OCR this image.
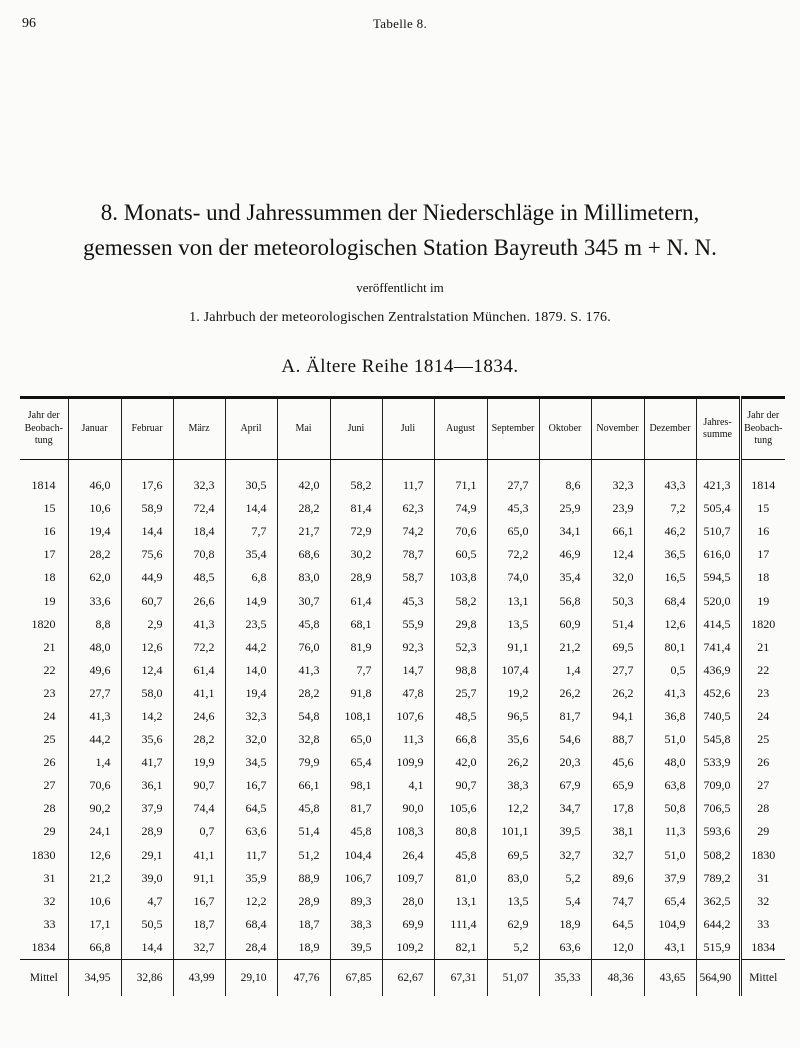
96	Tabelle 8.
8. Monats- und Jahressummen der Niederschläge in Millimetern,
gemessen von der meteorologischen Station Bayreuth 345 m + N. N.
veröffentlicht im
1. Jahrbuch der meteorologischen Zentralstation München. 1879. S. 176.
A. Ältere Reihe 1814—1834.
Jahr der Beobach-tung	Januar	Februar	März	April	Mai	Juni	Juli	August	September	Oktober	November	Dezember	Jahres-summe	Jahr der Beobach-tung

1814	46,0	17,6	32,3	30,5	42,0	58,2	11,7	71,1	27,7	8,6	32,3	43,3	421,3	1814
15	10,6	58,9	72,4	14,4	28,2	81,4	62,3	74,9	45,3	25,9	23,9	7,2	505,4	15
16	19,4	14,4	18,4	7,7	21,7	72,9	74,2	70,6	65,0	34,1	66,1	46,2	510,7	16
17	28,2	75,6	70,8	35,4	68,6	30,2	78,7	60,5	72,2	46,9	12,4	36,5	616,0	17
18	62,0	44,9	48,5	6,8	83,0	28,9	58,7	103,8	74,0	35,4	32,0	16,5	594,5	18
19	33,6	60,7	26,6	14,9	30,7	61,4	45,3	58,2	13,1	56,8	50,3	68,4	520,0	19
1820	8,8	2,9	41,3	23,5	45,8	68,1	55,9	29,8	13,5	60,9	51,4	12,6	414,5	1820
21	48,0	12,6	72,2	44,2	76,0	81,9	92,3	52,3	91,1	21,2	69,5	80,1	741,4	21
22	49,6	12,4	61,4	14,0	41,3	7,7	14,7	98,8	107,4	1,4	27,7	0,5	436,9	22
23	27,7	58,0	41,1	19,4	28,2	91,8	47,8	25,7	19,2	26,2	26,2	41,3	452,6	23
24	41,3	14,2	24,6	32,3	54,8	108,1	107,6	48,5	96,5	81,7	94,1	36,8	740,5	24
25	44,2	35,6	28,2	32,0	32,8	65,0	11,3	66,8	35,6	54,6	88,7	51,0	545,8	25
26	1,4	41,7	19,9	34,5	79,9	65,4	109,9	42,0	26,2	20,3	45,6	48,0	533,9	26
27	70,6	36,1	90,7	16,7	66,1	98,1	4,1	90,7	38,3	67,9	65,9	63,8	709,0	27
28	90,2	37,9	74,4	64,5	45,8	81,7	90,0	105,6	12,2	34,7	17,8	50,8	706,5	28
29	24,1	28,9	0,7	63,6	51,4	45,8	108,3	80,8	101,1	39,5	38,1	11,3	593,6	29
1830	12,6	29,1	41,1	11,7	51,2	104,4	26,4	45,8	69,5	32,7	32,7	51,0	508,2	1830
31	21,2	39,0	91,1	35,9	88,9	106,7	109,7	81,0	83,0	5,2	89,6	37,9	789,2	31
32	10,6	4,7	16,7	12,2	28,9	89,3	28,0	13,1	13,5	5,4	74,7	65,4	362,5	32
33	17,1	50,5	18,7	68,4	18,7	38,3	69,9	111,4	62,9	18,9	64,5	104,9	644,2	33
1834	66,8	14,4	32,7	28,4	18,9	39,5	109,2	82,1	5,2	63,6	12,0	43,1	515,9	1834
Mittel	34,95	32,86	43,99	29,10	47,76	67,85	62,67	67,31	51,07	35,33	48,36	43,65	564,90	Mittel
